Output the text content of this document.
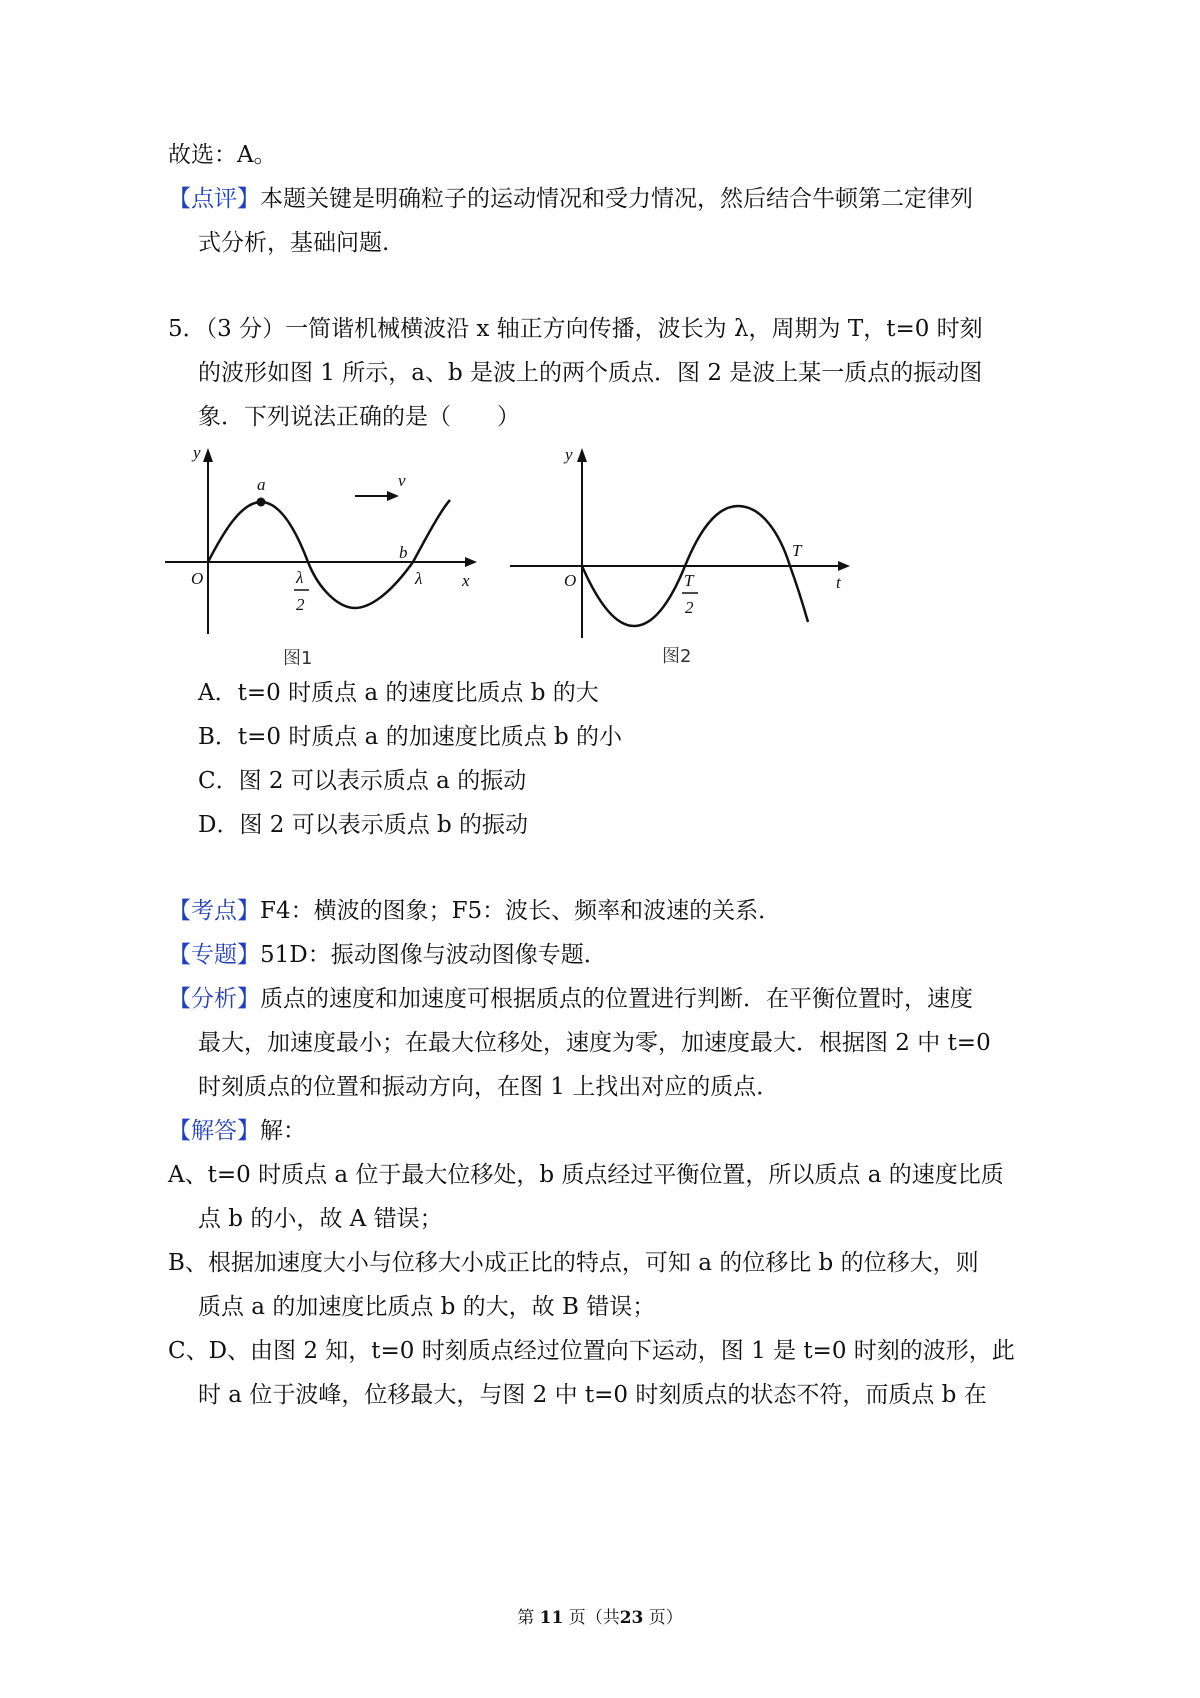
故选：A。
【点评】本题关键是明确粒子的运动情况和受力情况，然后结合牛顿第二定律列
式分析，基础问题.
5．（3 分）一简谐机械横波沿 x 轴正方向传播，波长为 λ，周期为 T，t=0 时刻
的波形如图 1 所示，a、b 是波上的两个质点．图 2 是波上某一质点的振动图
象．下列说法正确的是（　　）
y
x
O
a
b
v
λ
2
λ
图1
y
t
O
T
T
2
图2
A．t=0 时质点 a 的速度比质点 b 的大
B．t=0 时质点 a 的加速度比质点 b 的小
C．图 2 可以表示质点 a 的振动
D．图 2 可以表示质点 b 的振动
【考点】F4：横波的图象；F5：波长、频率和波速的关系．
【专题】51D：振动图像与波动图像专题．
【分析】质点的速度和加速度可根据质点的位置进行判断．在平衡位置时，速度
最大，加速度最小；在最大位移处，速度为零，加速度最大．根据图 2 中 t=0
时刻质点的位置和振动方向，在图 1 上找出对应的质点．
【解答】解：
A、t=0 时质点 a 位于最大位移处，b 质点经过平衡位置，所以质点 a 的速度比质
点 b 的小，故 A 错误；
B、根据加速度大小与位移大小成正比的特点，可知 a 的位移比 b 的位移大，则
质点 a 的加速度比质点 b 的大，故 B 错误；
C、D、由图 2 知，t=0 时刻质点经过位置向下运动，图 1 是 t=0 时刻的波形，此
时 a 位于波峰，位移最大，与图 2 中 t=0 时刻质点的状态不符，而质点 b 在
第 11 页（共23 页）
